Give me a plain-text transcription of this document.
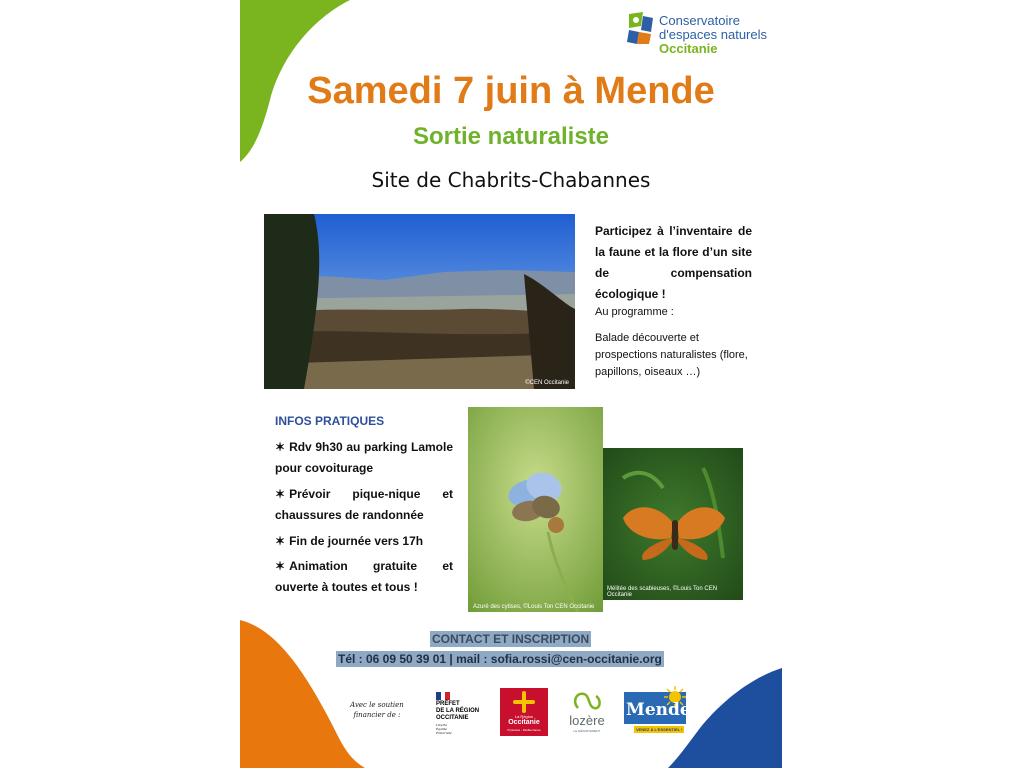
Conservatoire
d'espaces naturels
Occitanie
Samedi 7 juin à Mende
Sortie naturaliste
Site de Chabrits-Chabannes
©CEN Occitanie
Participez à l’inventaire de la faune et la flore d’un site de compensation écologique !
Au programme :
Balade découverte et prospections naturalistes (flore, papillons, oiseaux …)
INFOS PRATIQUES
✶ Rdv 9h30 au parking Lamole pour covoiturage
✶ Prévoir pique-nique et chaussures de randonnée
✶ Fin de journée vers 17h
✶ Animation gratuite et ouverte à toutes et tous !
Azuré des cytises, ©Louis Ton CEN Occitanie
Mélitée des scabieuses, ©Louis Ton CEN Occitanie
CONTACT ET INSCRIPTION
Tél : 06 09 50 39 01 | mail : sofia.rossi@cen-occitanie.org
Avec le soutien financier de :
PRÉFET
DE LA RÉGION
OCCITANIE
Liberté Égalité Fraternité
La Région
Occitanie
Pyrénées - Méditerranée
lozère
LE DÉPARTEMENT
Mende
VENEZ À L'ESSENTIEL !
